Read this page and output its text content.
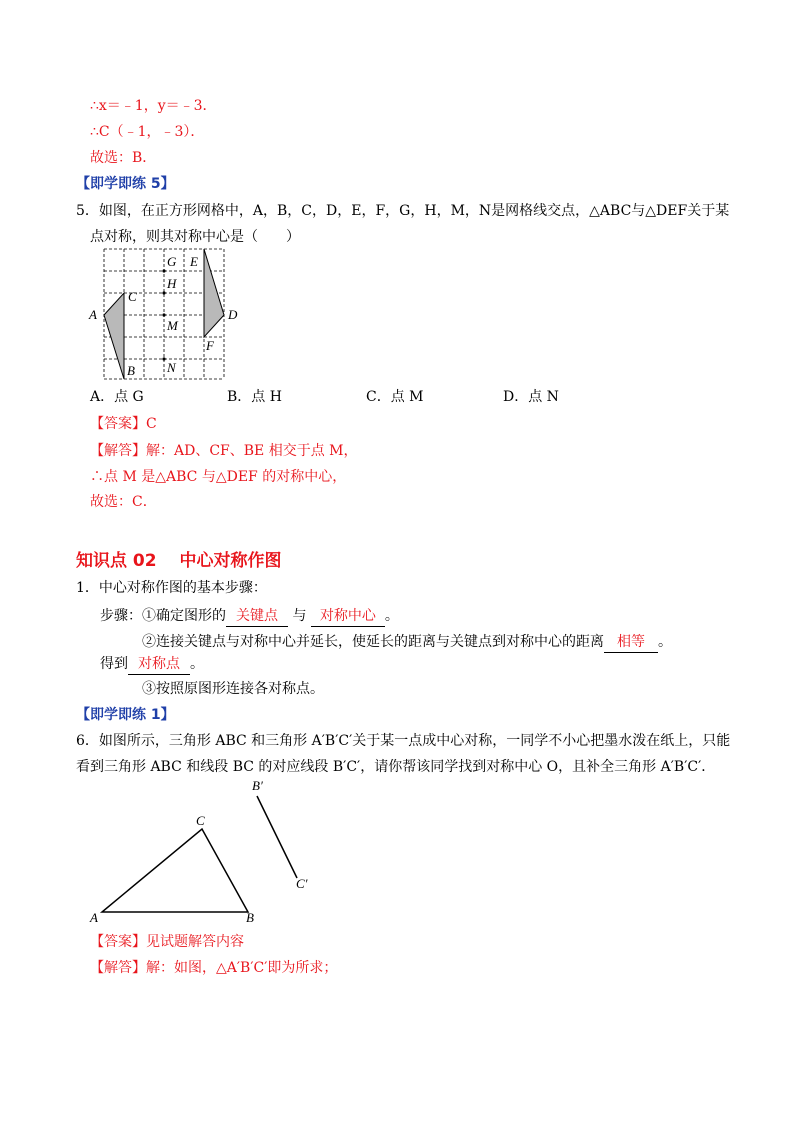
∴x＝﹣1，y＝﹣3．
∴C（﹣1，﹣3）．
故选：B．
【即学即练 5】
5．如图，在正方形网格中，A，B，C，D，E，F，G，H，M，N是网格线交点，△ABC与△DEF关于某
点对称，则其对称中心是（　　）
A
C
B
G
H
M
N
E
D
F
A．点 G	B．点 H	C．点 M	D．点 N
【答案】C
【解答】解：AD、CF、BE 相交于点 M，
∴点 M 是△ABC 与△DEF 的对称中心，
故选：C．
知识点 02　 中心对称作图
1．中心对称作图的基本步骤：
步骤：①确定图形的 关键点 与 对称中心 。
②连接关键点与对称中心并延长，使延长的距离与关键点到对称中心的距离 相等 。
得到 对称点 。
③按照原图形连接各对称点。
【即学即练 1】
6．如图所示，三角形 ABC 和三角形 A′B′C′关于某一点成中心对称，一同学不小心把墨水泼在纸上，只能
看到三角形 ABC 和线段 BC 的对应线段 B′C′，请你帮该同学找到对称中心 O，且补全三角形 A′B′C′．
A	B
C
B′
C′
【答案】见试题解答内容
【解答】解：如图，△A′B′C′即为所求；
